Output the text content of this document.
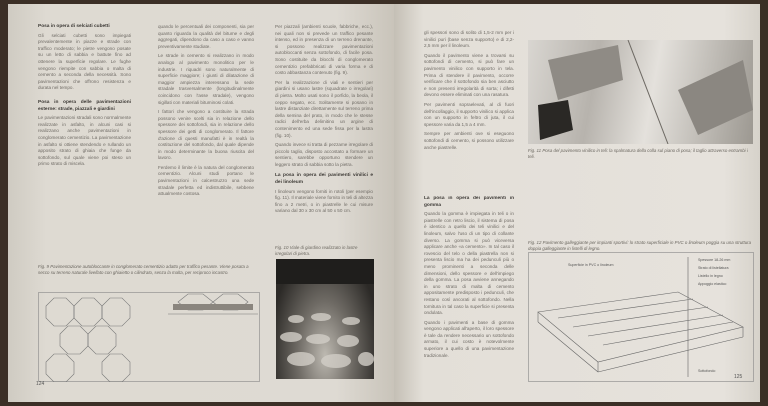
Posa in opera di selciati cubetti

Gli selciati cubetti sono impiegati prevalentemente in piazze e strade con traffico moderato; le pietre vengono posate su un letto di sabbia e battute fino ad ottenere la superficie regolare. Le fughe vengono riempite con sabbia o malta di cemento a seconda della necessità. Sono pavimentazioni che offrono resistenza e durata nel tempo.

Posa in opera delle pavimentazioni esterne: strade, piazzali e giardini

Le pavimentazioni stradali sono normalmente realizzate in asfalto, in alcuni casi si realizzano anche pavimentazioni in conglomerato cementizio. La pavimentazione in asfalto si ottiene stendendo e rullando un apposito strato di ghiaia che funge da sottofondo, sul quale viene poi steso un primo strato di miscela.

quando le percentuali dei componenti, sia per quanto riguarda la qualità del bitume e degli aggregati, dipendono da caso a caso e vanno preventivamente studiate.

Le strade in cemento si realizzano in modo analogo al pavimento monolitico per le industrie. I riquadri sono naturalmente di superficie maggiore; i giunti di dilatazione di maggior ampiezza interessano la sede stradale trasversalmente (longitudinalmente coincidono con l'asse stradale), vengono sigillati con materiali bituminosi colati.

I fattori che vengono a costituire la strada possono venire scelti sia in relazione dello spessore dei sottofondi, sia in relazione dello spessore dei getti di conglomerato. Il fattore d'azione di questi manufatti è in realtà la costituzione del sottofondo, dal quale dipende in modo determinante la buona riuscita del lavoro.

Ferdemo il limite è la natura del conglomerato cementizio. Alcuni studi portano le pavimentazioni in calcestruzzo una sede stradale perfetta ed indistruttibile, sebbene attualmente costosa.

Per piazzali (ambienti scuole, fabbriche, ecc.), nei quali non si prevede un traffico pesante intenso, ed in presenza di un terreno drenante, si possono realizzare pavimentazioni autobloccanti senza sottofondo, di facile posa. Sono costituite da blocchi di conglomerato cementizio prefabbricati di varia forma e di costo abbastanza contenuto (fig. 9).

Per la realizzazione di viali e sentieri per giardini si usano lastre (squadrate o irregolari) di pietra. Molto usati sono il porfido, la beola, il ceppo segato, ecc. Solitamente si posano in lastre distanziate direttamente sul terreno prima della semina del prato, in modo che le stesse radici dell'erba delimitino un argine di contenimento ed una sede fissa per la lastra (fig. 10).

Quando invece si tratta di pezzame irregolare di piccolo taglio, disposto accostato a formare un sentiero, sarebbe opportuno stendere un leggero strato di sabbia sotto la pietra.

La posa in opera dei pavimenti vinilici e dei linoleum

I linoleum vengono forniti in rotoli (per esempio fig. 11). Il materiale viene fornito in teli di altezza fino a 2 metri, o in piastrelle le cui misure variano dal 30 x 30 cm al 50 x 50 cm.

Fig. 10 Viale di giardino realizzato in lastre irregolari di pietra.
Fig. 9 Pavimentazione autobloccante in conglomerato cementizio adatto per traffico pesante. Viene posata a secco su terreno naturale livellato con ghiaietto o cilindrato, senza la malta, per reciproco incastro.
124

gli spessori sono di solito di 1,5-2 mm per i vinilici puri (base senza supporto) e di 2,2-2,5 mm per il linoleum.

Quando il pavimento viene a trovarsi su sottofondi di cemento, si può fare un pavimento vinilico con supporto in tela. Prima di stendere il pavimento, occorre verificare che il sottofondo sia ben asciutto e non presenti irregolarità di sorta; i difetti devono essere eliminati con una rasatura.

Per pavimenti sopraelevati, al di fuori dell'incollaggio, il supporto vinilico si applica con un supporto in feltro di juta, il cui spessore varia da 1,5 a 4 mm.

Sempre per ambienti ove si eseguono sottofondi di cemento, si possono utilizzare anche piastrelle.

La posa in opera dei pavimenti in gomma

Quando la gomma è impiegata in teli o in piastrelle con retro liscio, il sistema di posa è identico a quello dei teli vinilici e del linoleum, salvo l'uso di un tipo di collante diverso. La gomma si può viceversa applicare anche «a cemento». In tal caso il rovescio del telo o della piastrella non si presenta liscio ma ha dei pedunculi più o meno prominenti a seconda delle dimensioni, dello spessore e dell'impiego della gomma. La posa avviene annegando in uno strato di malta di cemento appositamente predisposto i pedunculi, che restano così ancorati al sottofondo. Nella tornitura in tal caso la superficie si presenta ondulata.

Quando i pavimenti a base di gomma vengono applicati all'aperto, il loro spessore è tale da rendere necessario un sottofondo armato, il cui costo è notevolmente superiore a quello di una pavimentazione tradizionale.

Fig. 11 Posa del pavimento vinilico in teli: la spalmatura della colla sul piano di posa; il taglio attraverso entrambi i teli.
Fig. 12 Pavimento galleggiante per impianti sportivi: lo strato superficiale in PVC o linoleum poggia su una struttura doppia galleggiante in listelli di legno.
Superficie in PVC o linoleum
Spessore 18-26 mm
Strato di listellatura
Listello in legno
Appoggio elastico
Sottofondo
125
